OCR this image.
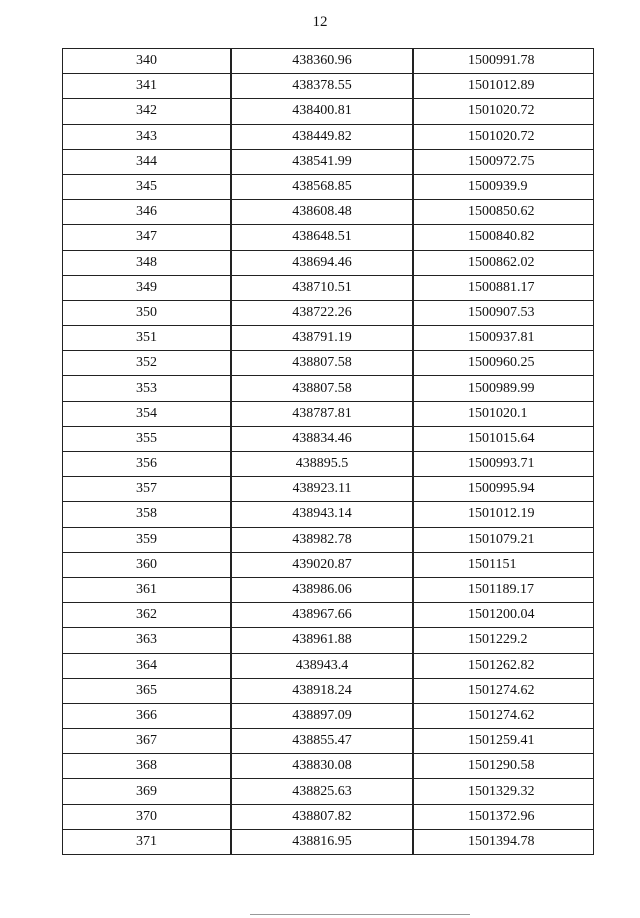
12
340	438360.96	1500991.78
341	438378.55	1501012.89
342	438400.81	1501020.72
343	438449.82	1501020.72
344	438541.99	1500972.75
345	438568.85	1500939.9
346	438608.48	1500850.62
347	438648.51	1500840.82
348	438694.46	1500862.02
349	438710.51	1500881.17
350	438722.26	1500907.53
351	438791.19	1500937.81
352	438807.58	1500960.25
353	438807.58	1500989.99
354	438787.81	1501020.1
355	438834.46	1501015.64
356	438895.5	1500993.71
357	438923.11	1500995.94
358	438943.14	1501012.19
359	438982.78	1501079.21
360	439020.87	1501151
361	438986.06	1501189.17
362	438967.66	1501200.04
363	438961.88	1501229.2
364	438943.4	1501262.82
365	438918.24	1501274.62
366	438897.09	1501274.62
367	438855.47	1501259.41
368	438830.08	1501290.58
369	438825.63	1501329.32
370	438807.82	1501372.96
371	438816.95	1501394.78
